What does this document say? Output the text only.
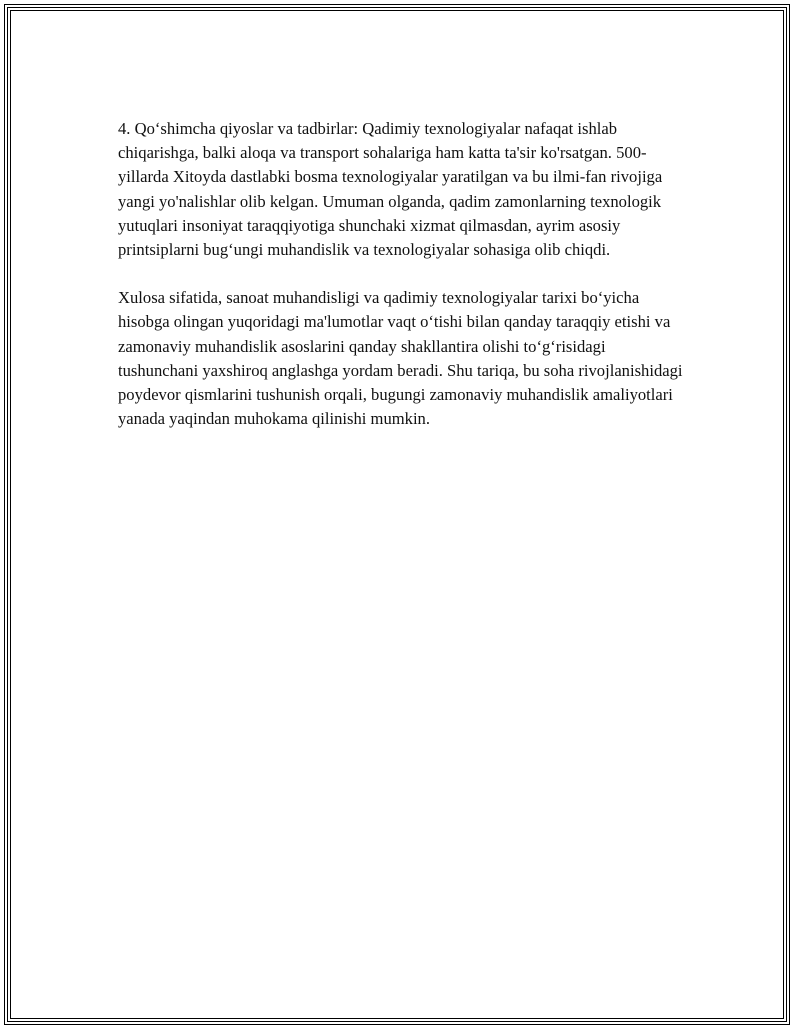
4. Qo‘shimcha qiyoslar va tadbirlar: Qadimiy texnologiyalar nafaqat ishlab chiqarishga, balki aloqa va transport sohalariga ham katta ta'sir ko'rsatgan. 500-yillarda Xitoyda dastlabki bosma texnologiyalar yaratilgan va bu ilmi-fan rivojiga yangi yo'nalishlar olib kelgan. Umuman olganda, qadim zamonlarning texnologik yutuqlari insoniyat taraqqiyotiga shunchaki xizmat qilmasdan, ayrim asosiy printsiplarni bug‘ungi muhandislik va texnologiyalar sohasiga olib chiqdi.

Xulosa sifatida, sanoat muhandisligi va qadimiy texnologiyalar tarixi bo‘yicha hisobga olingan yuqoridagi ma'lumotlar vaqt o‘tishi bilan qanday taraqqiy etishi va zamonaviy muhandislik asoslarini qanday shakllantira olishi to‘g‘risidagi tushunchani yaxshiroq anglashga yordam beradi. Shu tariqa, bu soha rivojlanishidagi poydevor qismlarini tushunish orqali, bugungi zamonaviy muhandislik amaliyotlari yanada yaqindan muhokama qilinishi mumkin.
